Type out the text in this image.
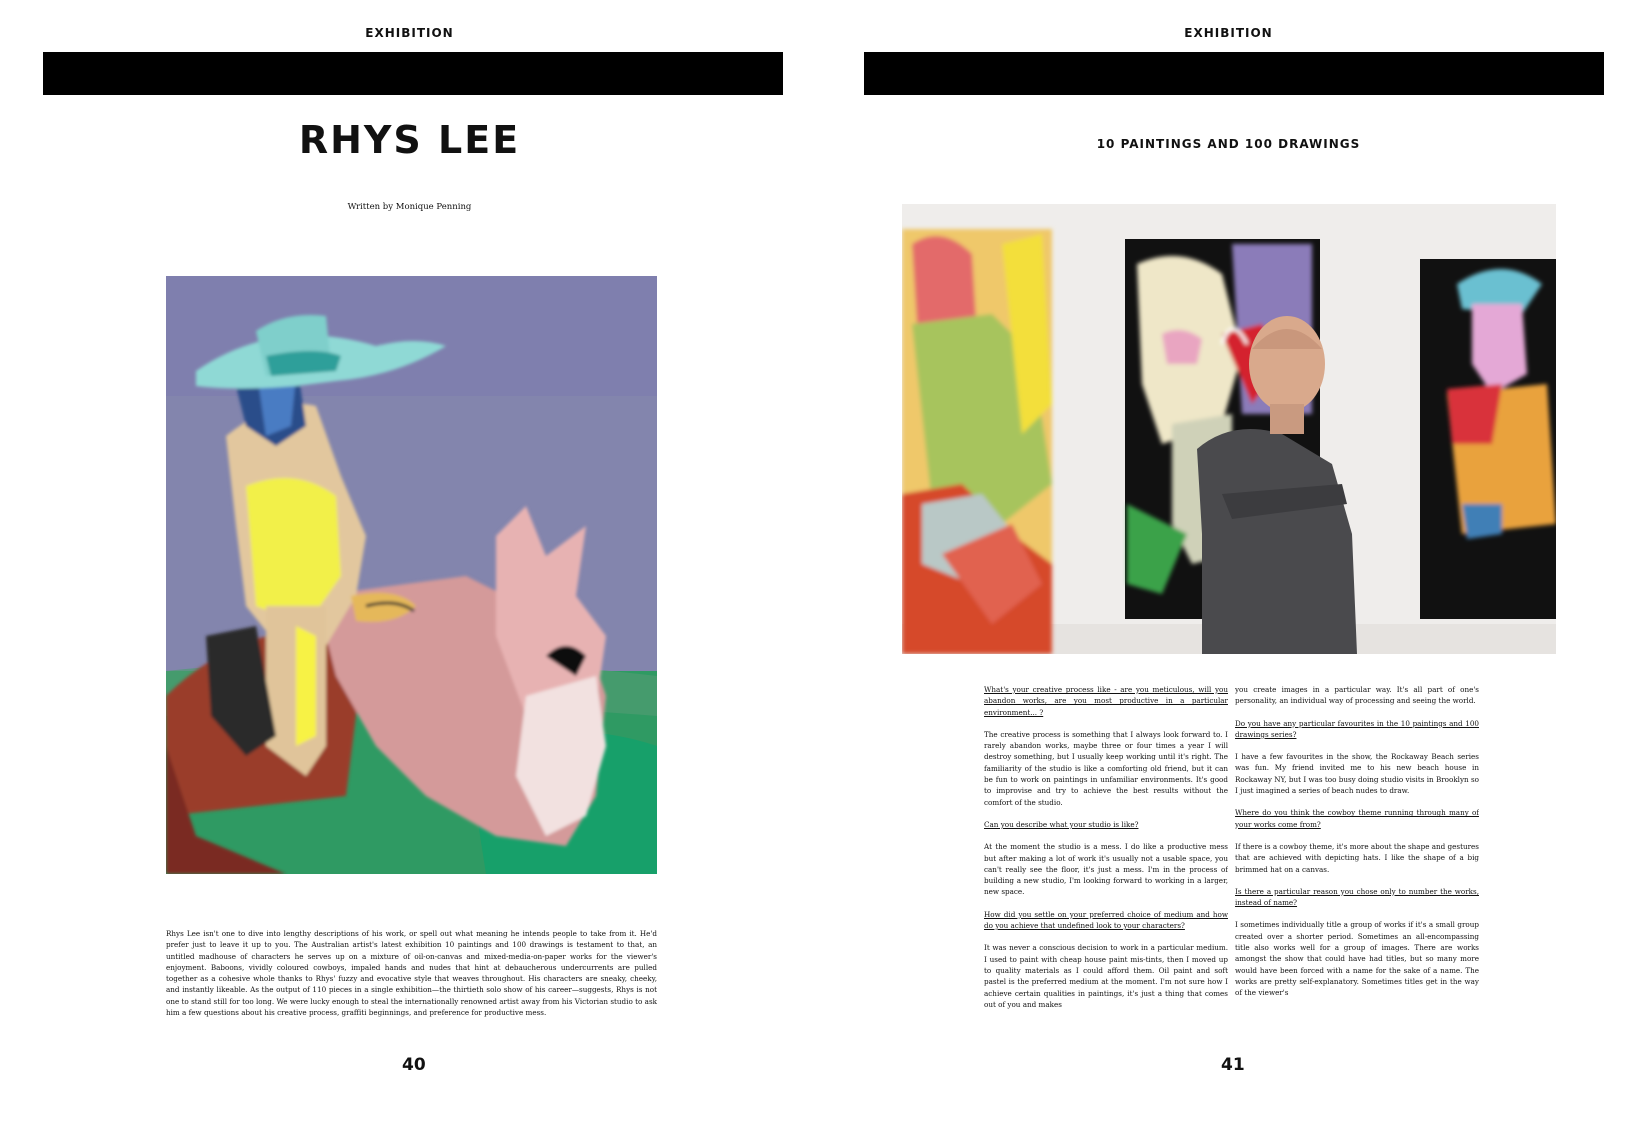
EXHIBITION
RHYS LEE
Written by Monique Penning

Rhys Lee isn't one to dive into lengthy descriptions of his work, or spell out what meaning he intends people to take from it. He'd prefer just to leave it up to you. The Australian artist's latest exhibition 10 paintings and 100 drawings is testament to that, an untitled madhouse of characters he serves up on a mixture of oil-on-canvas and mixed-media-on-paper works for the viewer's enjoyment. Baboons, vividly coloured cowboys, impaled hands and nudes that hint at debaucherous undercurrents are pulled together as a cohesive whole thanks to Rhys' fuzzy and evocative style that weaves throughout. His characters are sneaky, cheeky, and instantly likeable. As the output of 110 pieces in a single exhibition—the thirtieth solo show of his career—suggests, Rhys is not one to stand still for too long. We were lucky enough to steal the internationally renowned artist away from his Victorian studio to ask him a few questions about his creative process, graffiti beginnings, and preference for productive mess.

40
EXHIBITION
10 PAINTINGS AND 100 DRAWINGS

What's your creative process like - are you meticulous, will you abandon works, are you most productive in a particular environment... ?

The creative process is something that I always look forward to. I rarely abandon works, maybe three or four times a year I will destroy something, but I usually keep working until it's right. The familiarity of the studio is like a comforting old friend, but it can be fun to work on paintings in unfamiliar environments. It's good to improvise and try to achieve the best results without the comfort of the studio.

Can you describe what your studio is like?

At the moment the studio is a mess. I do like a productive mess but after making a lot of work it's usually not a usable space, you can't really see the floor, it's just a mess. I'm in the process of building a new studio, I'm looking forward to working in a larger, new space.

How did you settle on your preferred choice of medium and how do you achieve that undefined look to your characters?

It was never a conscious decision to work in a particular medium. I used to paint with cheap house paint mis-tints, then I moved up to quality materials as I could afford them. Oil paint and soft pastel is the preferred medium at the moment. I'm not sure how I achieve certain qualities in paintings, it's just a thing that comes out of you and makes

you create images in a particular way. It's all part of one's personality, an individual way of processing and seeing the world.

Do you have any particular favourites in the 10 paintings and 100 drawings series?

I have a few favourites in the show, the Rockaway Beach series was fun. My friend invited me to his new beach house in Rockaway NY, but I was too busy doing studio visits in Brooklyn so I just imagined a series of beach nudes to draw.

Where do you think the cowboy theme running through many of your works come from?

If there is a cowboy theme, it's more about the shape and gestures that are achieved with depicting hats. I like the shape of a big brimmed hat on a canvas.

Is there a particular reason you chose only to number the works, instead of name?

I sometimes individually title a group of works if it's a small group created over a shorter period. Sometimes an all-encompassing title also works well for a group of images. There are works amongst the show that could have had titles, but so many more would have been forced with a name for the sake of a name. The works are pretty self-explanatory. Sometimes titles get in the way of the viewer's

41
